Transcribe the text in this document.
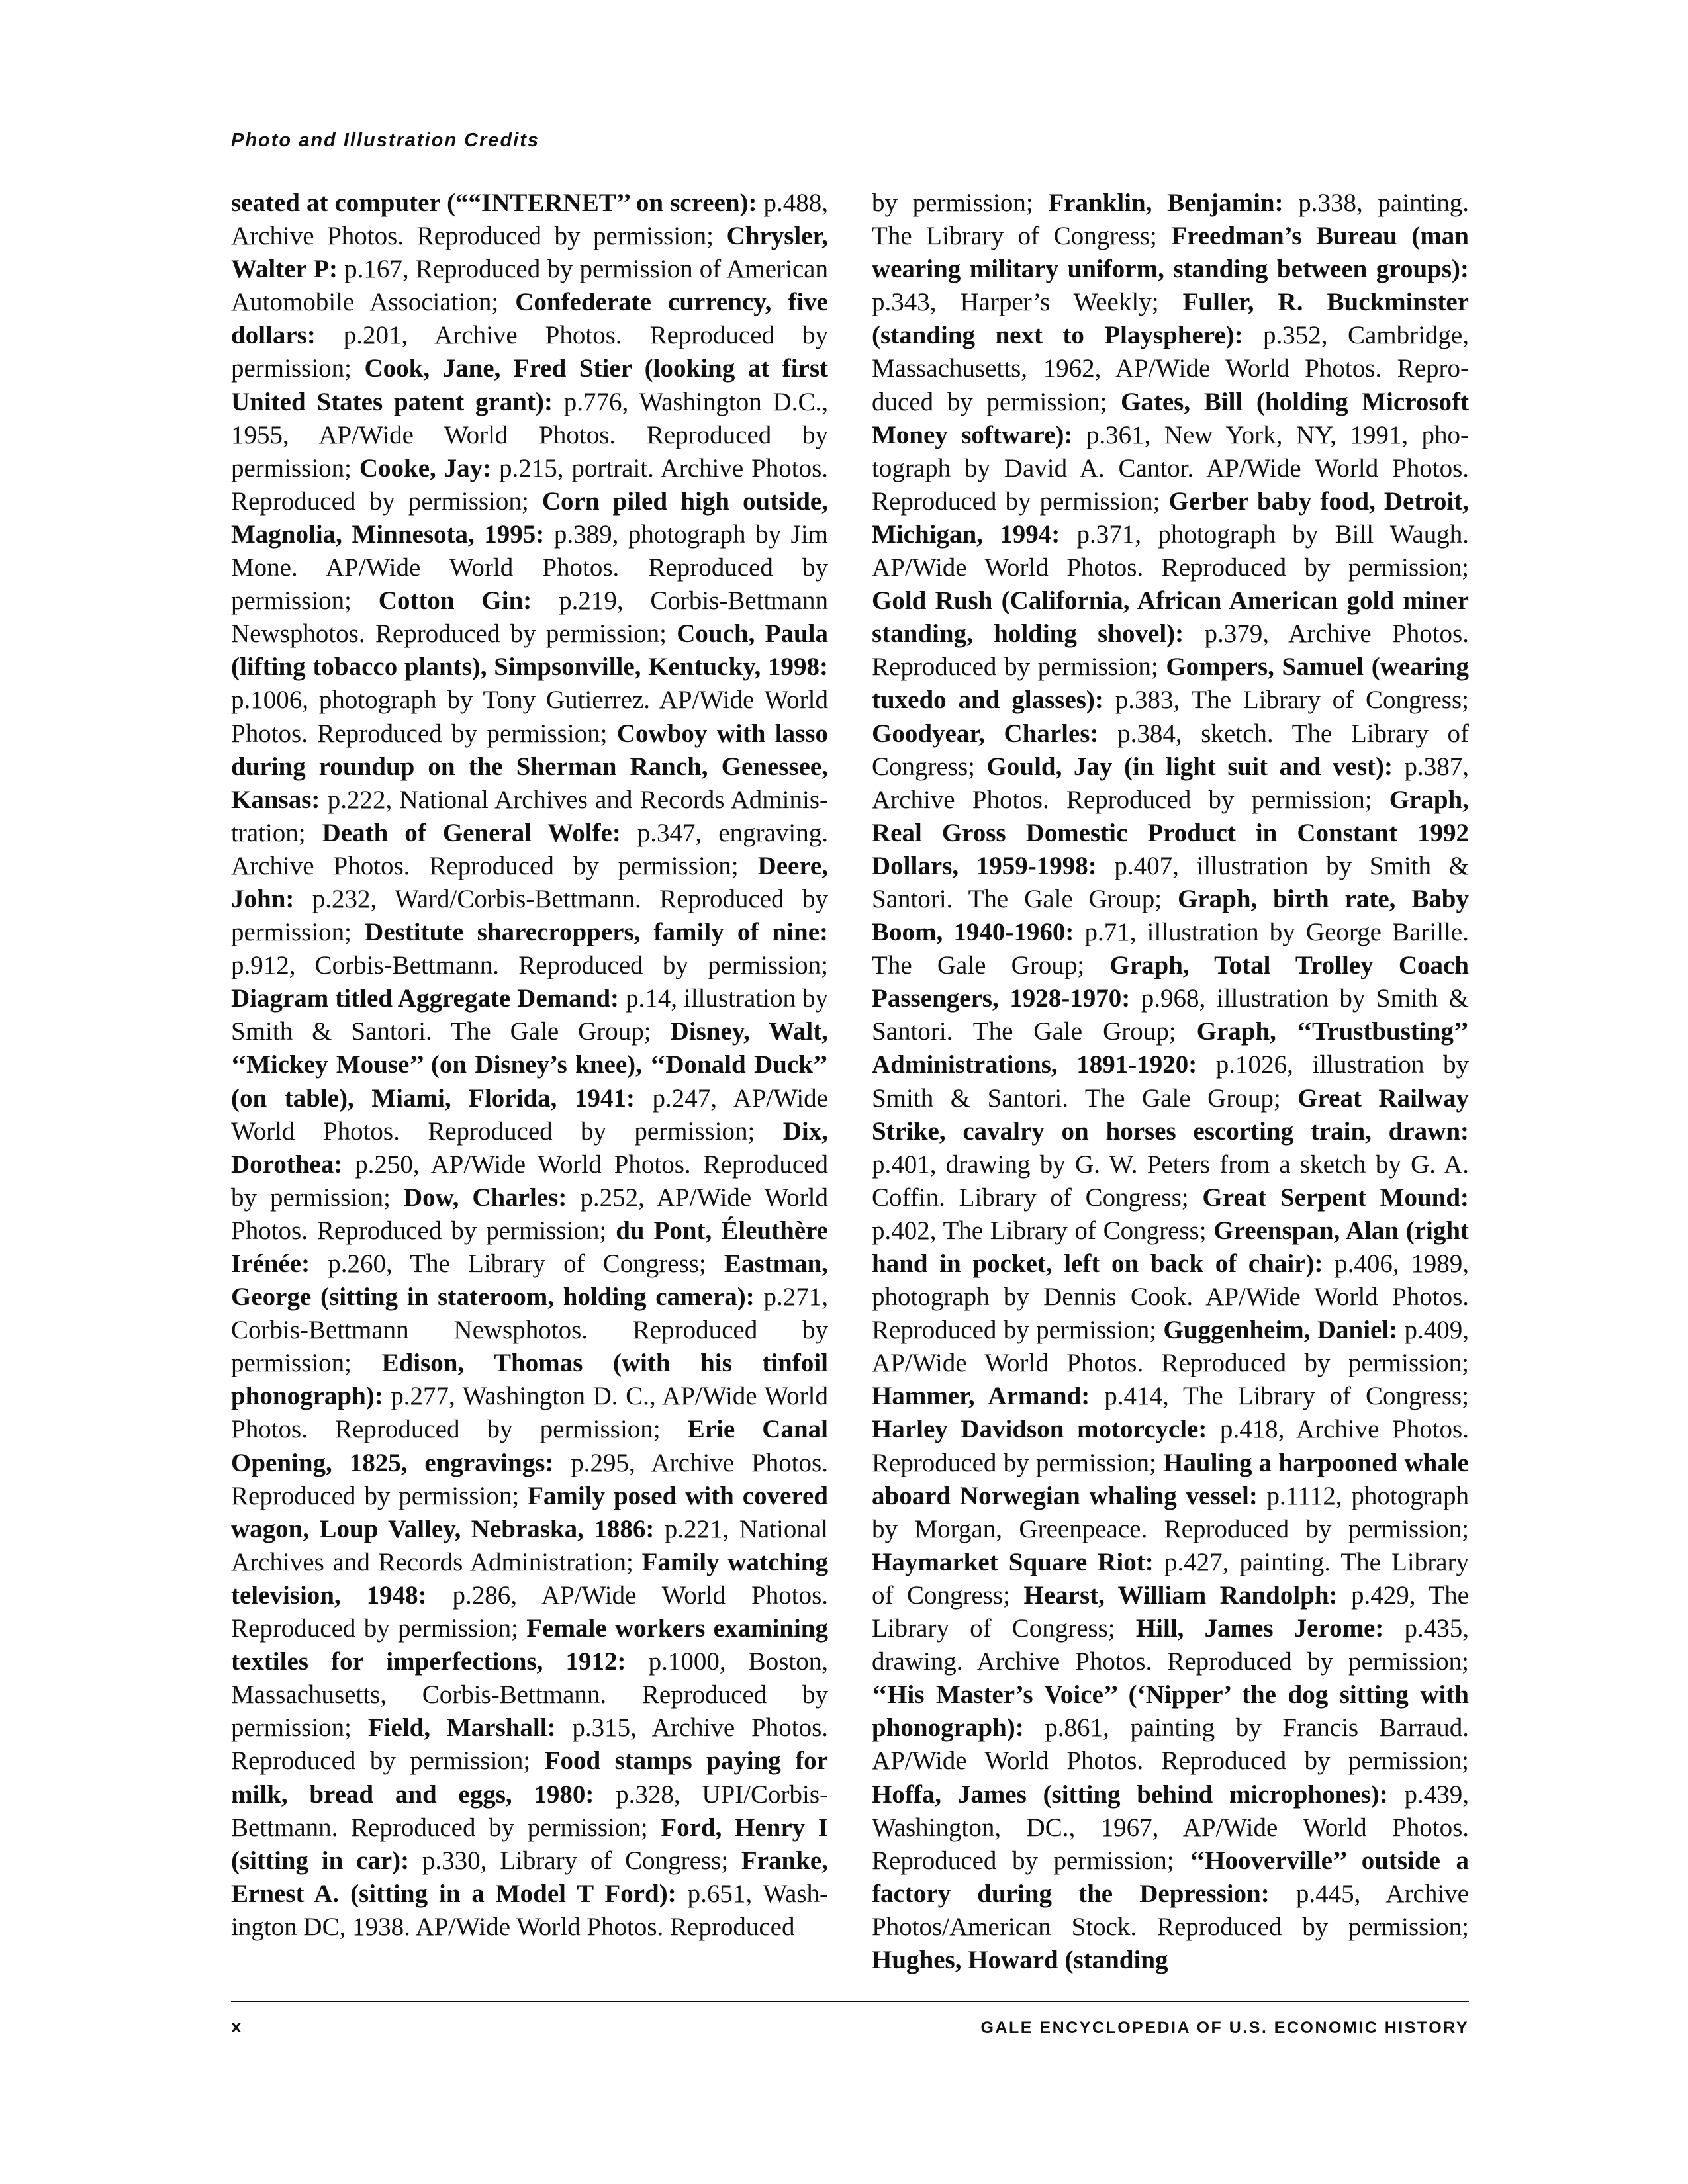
Photo and Illustration Credits
seated at computer (““INTERNET’’ on screen): p.488, Archive Photos. Reproduced by permission; Chrysler, Walter P: p.167, Reproduced by permission of American Automobile Association; Confederate currency, five dollars: p.201, Archive Photos. Reproduced by permission; Cook, Jane, Fred Stier (looking at first United States patent grant): p.776, Washington D.C., 1955, AP/Wide World Photos. Reproduced by permission; Cooke, Jay: p.215, portrait. Archive Photos. Reproduced by permission; Corn piled high outside, Magnolia, Minnesota, 1995: p.389, photograph by Jim Mone. AP/Wide World Photos. Reproduced by permission; Cotton Gin: p.219, Corbis-Bettmann Newsphotos. Reproduced by permission; Couch, Paula (lifting tobacco plants), Simpsonville, Kentucky, 1998: p.1006, photograph by Tony Gutierrez. AP/Wide World Photos. Reproduced by permission; Cowboy with lasso during roundup on the Sherman Ranch, Genessee, Kansas: p.222, National Archives and Records Administration; Death of General Wolfe: p.347, engraving. Archive Photos. Reproduced by permission; Deere, John: p.232, Ward/Corbis-Bettmann. Reproduced by permission; Destitute sharecroppers, family of nine: p.912, Corbis-Bettmann. Reproduced by permission; Diagram titled Aggregate Demand: p.14, illustration by Smith & Santori. The Gale Group; Disney, Walt, ‘‘Mickey Mouse’’ (on Disney’s knee), ‘‘Donald Duck’’ (on table), Miami, Florida, 1941: p.247, AP/​Wide World Photos. Reproduced by permission; Dix, Dorothea: p.250, AP/Wide World Photos. Reproduced by permission; Dow, Charles: p.252, AP/Wide World Photos. Reproduced by permission; du Pont, Éleuthère Irénée: p.260, The Library of Congress; Eastman, George (sitting in stateroom, holding camera): p.271, Corbis-Bettmann Newsphotos. Reproduced by permission; Edison, Thomas (with his tinfoil phonograph): p.277, Washington D. C., AP/Wide World Photos. Reproduced by permission; Erie Canal Opening, 1825, engravings: p.295, Archive Photos. Reproduced by permission; Family posed with covered wagon, Loup Valley, Nebraska, 1886: p.221, National Archives and Records Administration; Family watching television, 1948: p.286, AP/Wide World Photos. Reproduced by permission; Female workers examining textiles for imperfections, 1912: p.1000, Boston, Massachusetts, Corbis-Bettmann. Reproduced by permission; Field, Marshall: p.315, Archive Photos. Reproduced by permission; Food stamps paying for milk, bread and eggs, 1980: p.328, UPI/Corbis-​Bettmann. Reproduced by permission; Ford, Henry I (sitting in car): p.330, Library of Congress; Franke, Ernest A. (sitting in a Model T Ford): p.651, Washington DC, 1938. AP/Wide World Photos. Reproduced
by permission; Franklin, Benjamin: p.338, painting. The Library of Congress; Freedman’s Bureau (man wearing military uniform, standing between groups): p.343, Harper’s Weekly; Fuller, R. Buckminster (standing next to Playsphere): p.352, Cambridge, Massachusetts, 1962, AP/Wide World Photos. Reproduced by permission; Gates, Bill (holding Microsoft Money software): p.361, New York, NY, 1991, photograph by David A. Cantor. AP/Wide World Photos. Reproduced by permission; Gerber baby food, Detroit, Michigan, 1994: p.371, photograph by Bill Waugh. AP/Wide World Photos. Reproduced by permission; Gold Rush (California, African American gold miner standing, holding shovel): p.379, Archive Photos. Reproduced by permission; Gompers, Samuel (wearing tuxedo and glasses): p.383, The Library of Congress; Goodyear, Charles: p.384, sketch. The Library of Congress; Gould, Jay (in light suit and vest): p.387, Archive Photos. Reproduced by permission; Graph, Real Gross Domestic Product in Constant 1992 Dollars, 1959-1998: p.407, illustration by Smith & Santori. The Gale Group; Graph, birth rate, Baby Boom, 1940-1960: p.71, illustration by George Barille. The Gale Group; Graph, Total Trolley Coach Passengers, 1928-1970: p.968, illustration by Smith & Santori. The Gale Group; Graph, ‘‘Trustbusting’’ Administrations, 1891-1920: p.1026, illustration by Smith & Santori. The Gale Group; Great Railway Strike, cavalry on horses escorting train, drawn: p.401, drawing by G. W. Peters from a sketch by G. A. Coffin. Library of Congress; Great Serpent Mound: p.402, The Library of Congress; Greenspan, Alan (right hand in pocket, left on back of chair): p.406, 1989, photograph by Dennis Cook. AP/Wide World Photos. Reproduced by permission; Guggenheim, Daniel: p.409, AP/Wide World Photos. Reproduced by permission; Hammer, Armand: p.414, The Library of Congress; Harley Davidson motorcycle: p.418, Archive Photos. Reproduced by permission; Hauling a harpooned whale aboard Norwegian whaling vessel: p.1112, photograph by Morgan, Greenpeace. Reproduced by permission; Haymarket Square Riot: p.427, painting. The Library of Congress; Hearst, William Randolph: p.429, The Library of Congress; Hill, James Jerome: p.435, drawing. Archive Photos. Reproduced by permission; ‘‘His Master’s Voice’’ (‘Nipper’ the dog sitting with phonograph): p.861, painting by Francis Barraud. AP/Wide World Photos. Reproduced by permission; Hoffa, James (sitting behind microphones): p.439, Washington, DC., 1967, AP/Wide World Photos. Reproduced by permission; ‘‘Hooverville’’ outside a factory during the Depression: p.445, Archive Photos/American Stock. Reproduced by permission; Hughes, Howard (standing
x	GALE ENCYCLOPEDIA OF U.S. ECONOMIC HISTORY
